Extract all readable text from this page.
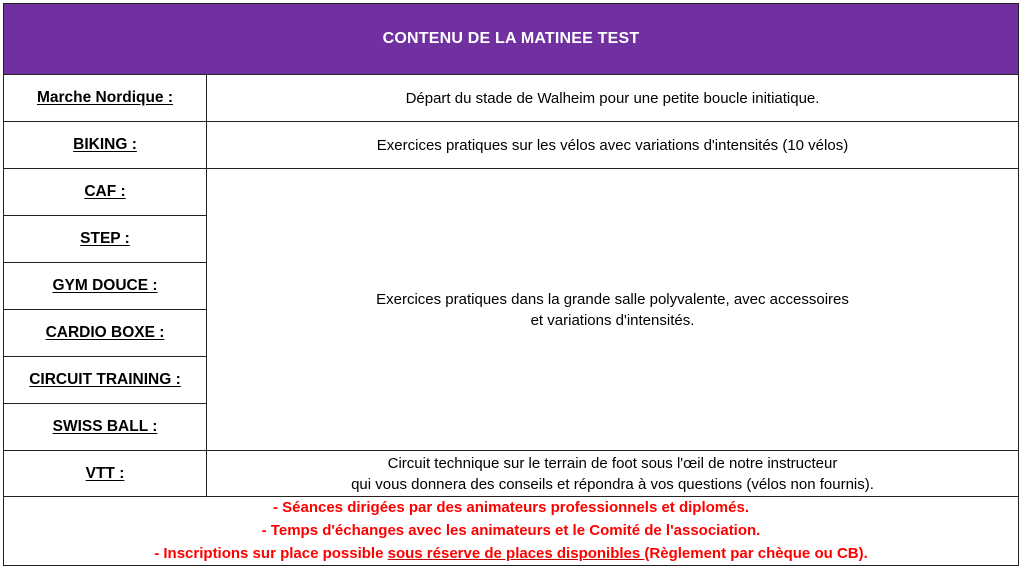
CONTENU DE LA MATINEE TEST
Marche Nordique :
BIKING :
CAF :
STEP :
GYM DOUCE :
CARDIO BOXE :
CIRCUIT TRAINING :
SWISS BALL :
VTT :
Départ du stade de Walheim pour une petite boucle initiatique.
Exercices pratiques sur les vélos avec variations d'intensités (10 vélos)
Exercices pratiques dans la grande salle polyvalente, avec accessoires
et variations d'intensités.
Circuit technique sur le terrain de foot sous l'œil de notre instructeur
qui vous donnera des conseils et répondra à vos questions (vélos non fournis).
- Séances dirigées par des animateurs professionnels et diplomés.
- Temps d'échanges avec les animateurs et le Comité de l'association.
- Inscriptions sur place possible sous réserve de places disponibles (Règlement par chèque ou CB).
